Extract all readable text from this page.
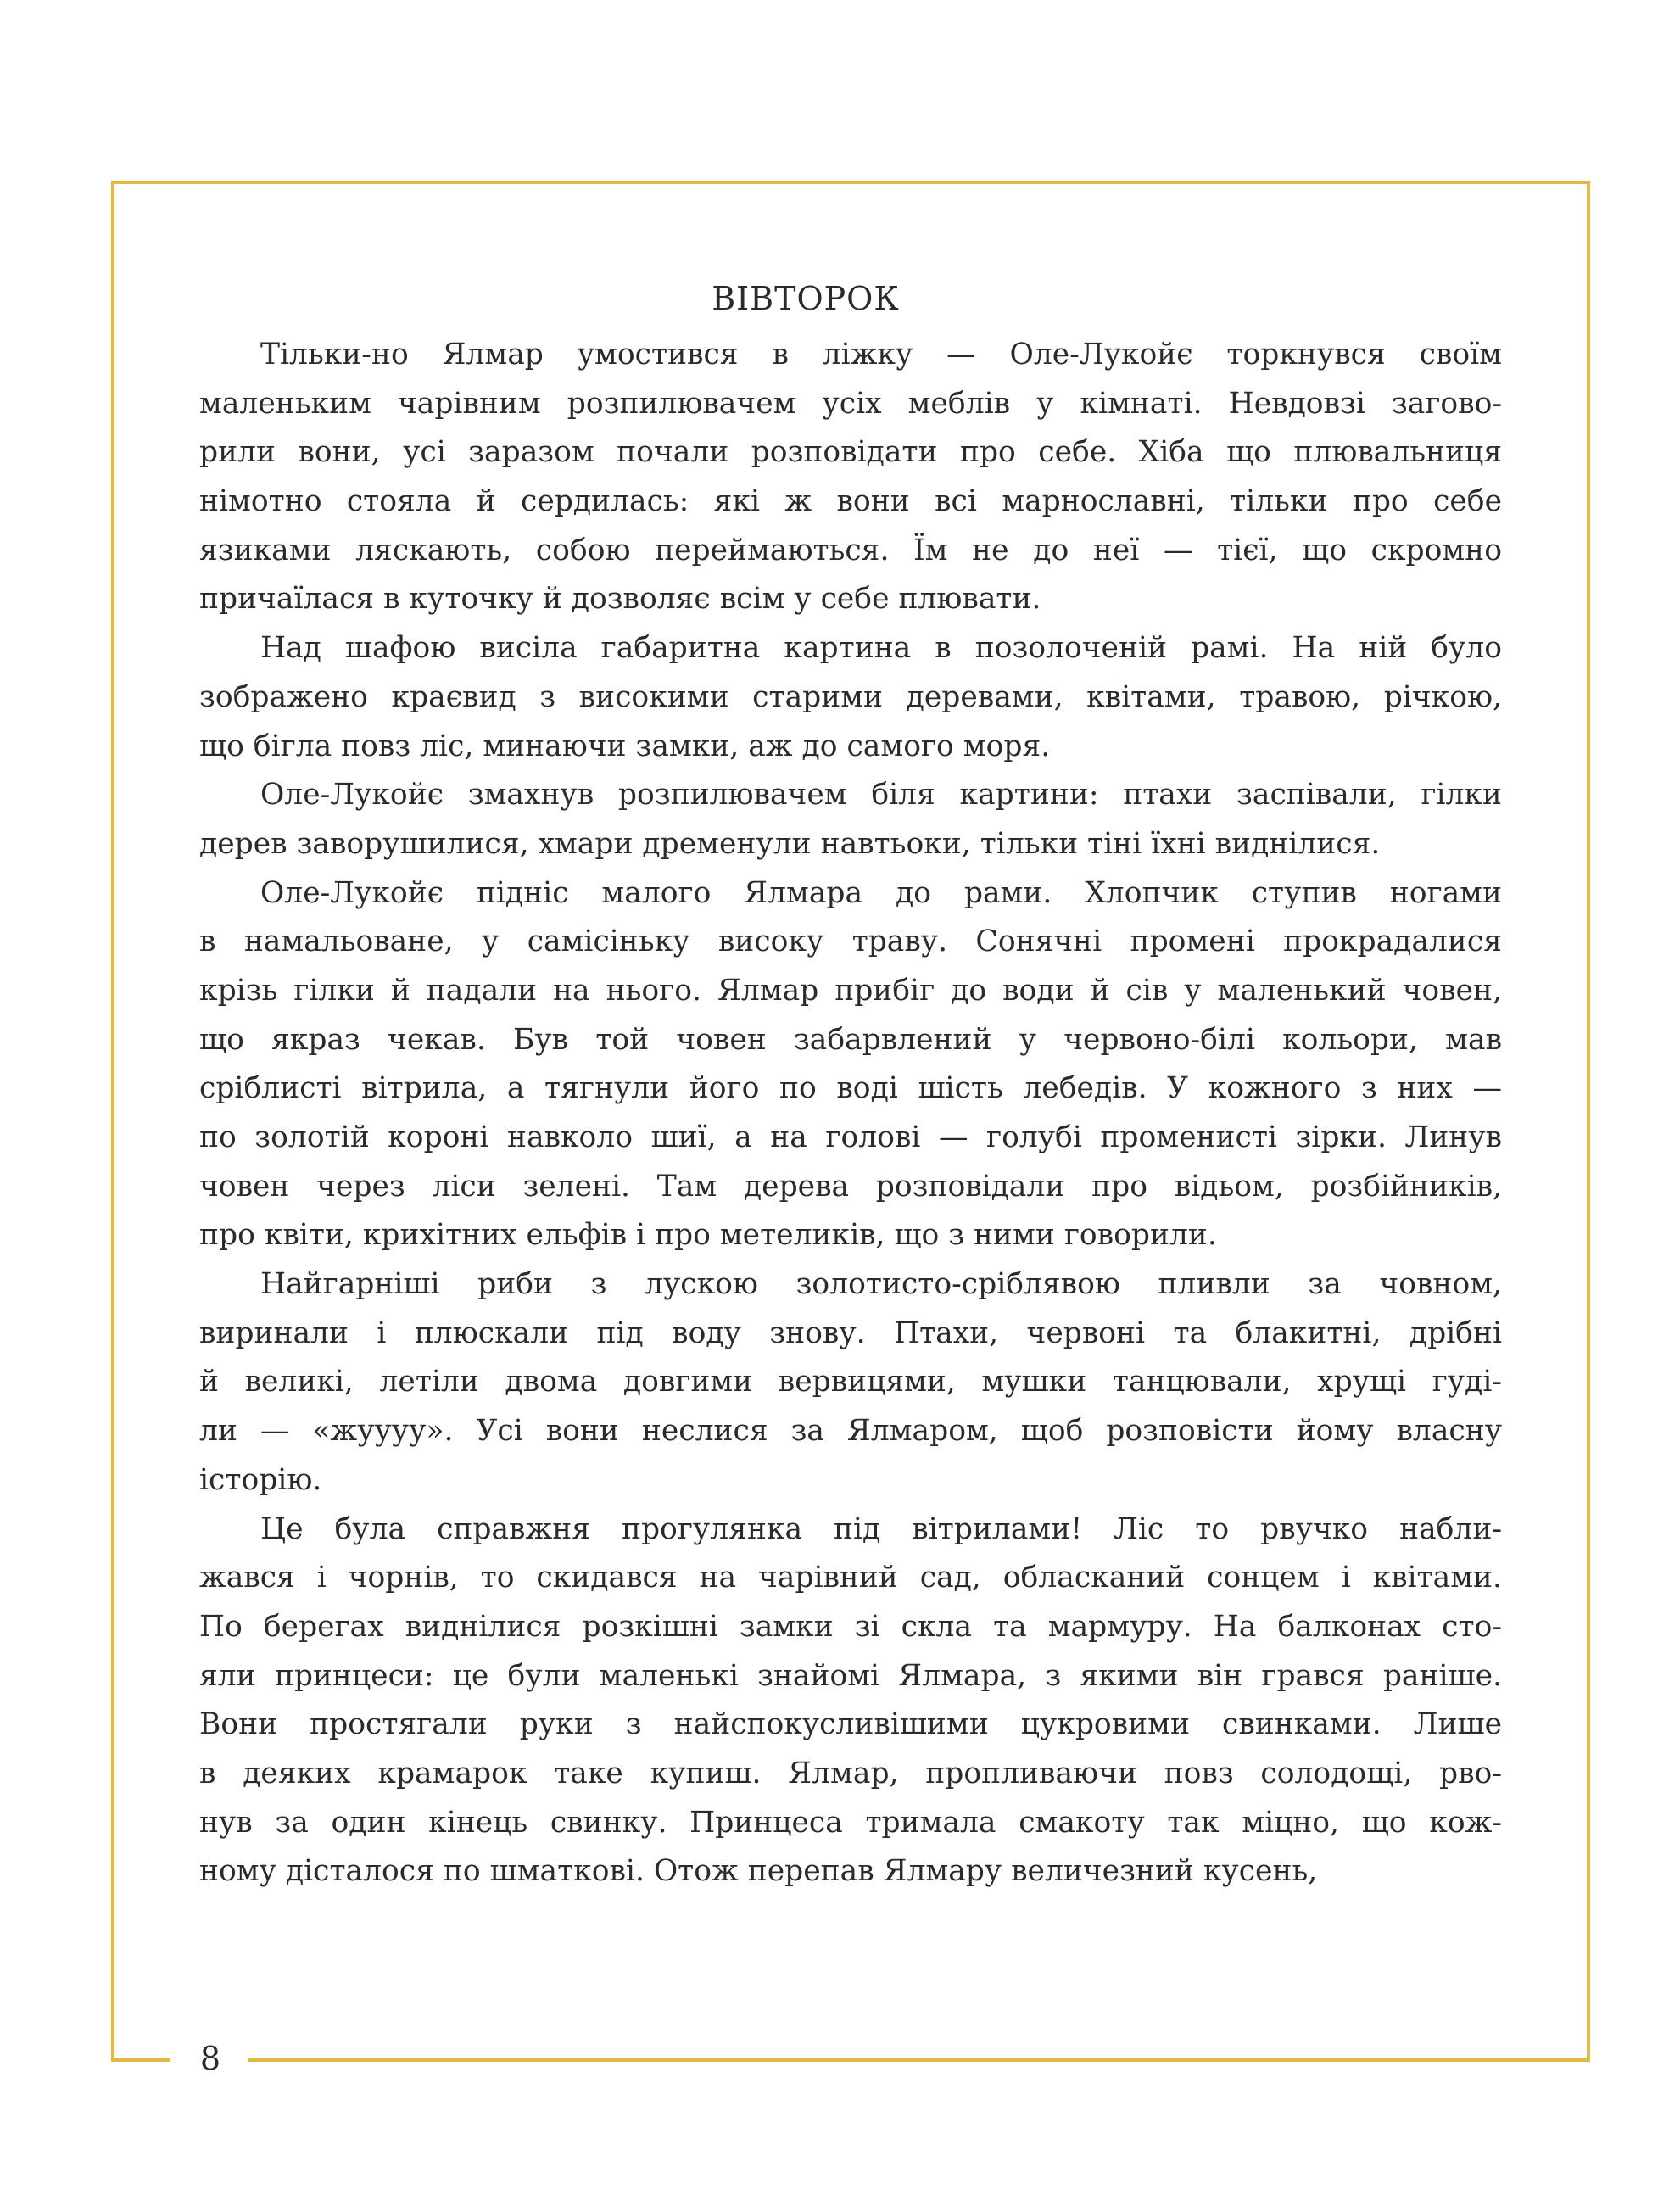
ВІВТОРОК
Тільки-но Ялмар умостився в ліжку — Оле-Лукойє торкнувся своїм
маленьким чарівним розпилювачем усіх меблів у кімнаті. Невдовзі загово-
рили вони, усі заразом почали розповідати про себе. Хіба що плювальниця
німотно стояла й сердилась: які ж вони всі марнославні, тільки про себе
язиками ляскають, собою переймаються. Їм не до неї — тієї, що скромно
причаїлася в куточку й дозволяє всім у себе плювати.
Над шафою висіла габаритна картина в позолоченій рамі. На ній було
зображено краєвид з високими старими деревами, квітами, травою, річкою,
що бігла повз ліс, минаючи замки, аж до самого моря.
Оле-Лукойє змахнув розпилювачем біля картини: птахи заспівали, гілки
дерев заворушилися, хмари дременули навтьоки, тільки тіні їхні виднілися.
Оле-Лукойє підніс малого Ялмара до рами. Хлопчик ступив ногами
в намальоване, у самісіньку високу траву. Сонячні промені прокрадалися
крізь гілки й падали на нього. Ялмар прибіг до води й сів у маленький човен,
що якраз чекав. Був той човен забарвлений у червоно-білі кольори, мав
сріблисті вітрила, а тягнули його по воді шість лебедів. У кожного з них —
по золотій короні навколо шиї, а на голові — голубі променисті зірки. Линув
човен через ліси зелені. Там дерева розповідали про відьом, розбійників,
про квіти, крихітних ельфів і про метеликів, що з ними говорили.
Найгарніші риби з лускою золотисто-сріблявою пливли за човном,
виринали і плюскали під воду знову. Птахи, червоні та блакитні, дрібні
й великі, летіли двома довгими вервицями, мушки танцювали, хрущі гуді-
ли — «жуууу». Усі вони неслися за Ялмаром, щоб розповісти йому власну
історію.
Це була справжня прогулянка під вітрилами! Ліс то рвучко набли-
жався і чорнів, то скидався на чарівний сад, обласканий сонцем і квітами.
По берегах виднілися розкішні замки зі скла та мармуру. На балконах сто-
яли принцеси: це були маленькі знайомі Ялмара, з якими він грався раніше.
Вони простягали руки з найспокусливішими цукровими свинками. Лише
в деяких крамарок таке купиш. Ялмар, пропливаючи повз солодощі, рво-
нув за один кінець свинку. Принцеса тримала смакоту так міцно, що кож-
ному дісталося по шматкові. Отож перепав Ялмару величезний кусень,
8
